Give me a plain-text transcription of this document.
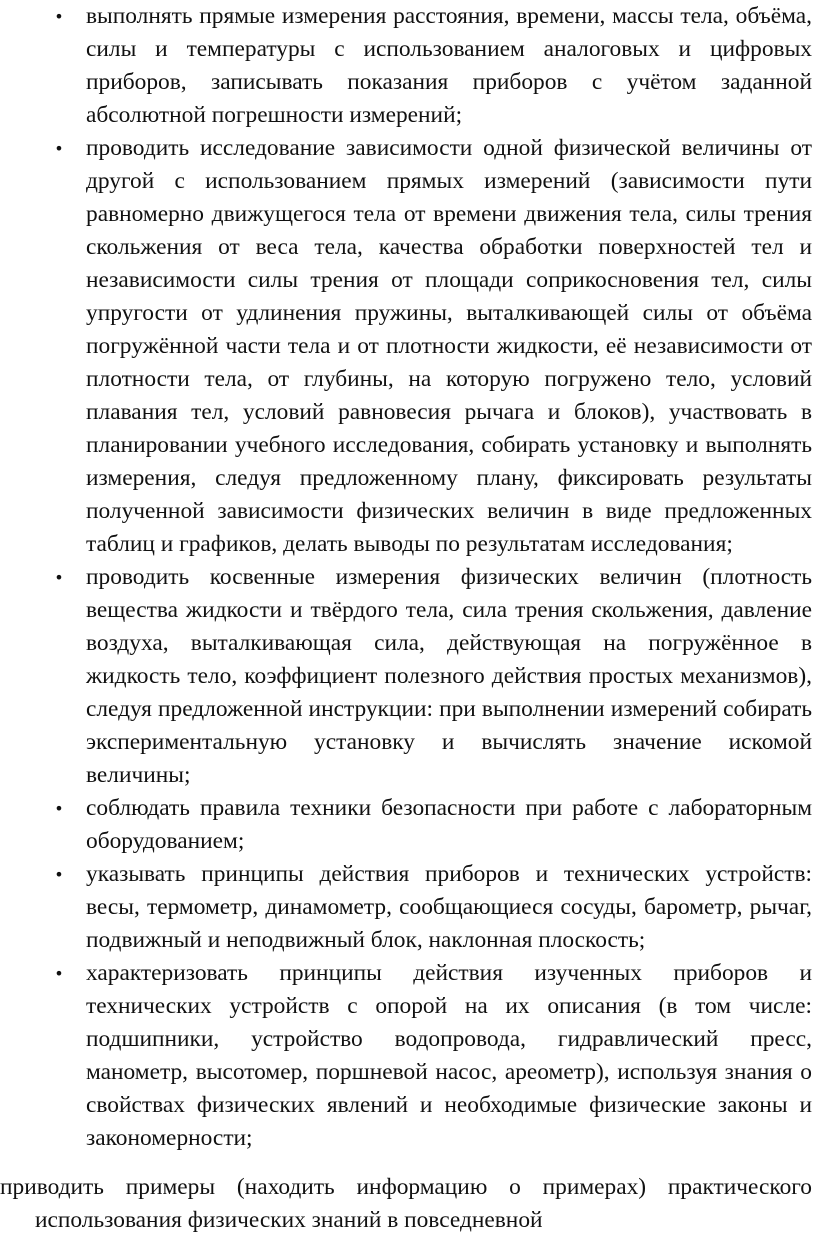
• выполнять прямые измерения расстояния, времени, массы тела, объёма, силы и температуры с использованием аналоговых и цифровых приборов, записывать показания приборов с учётом заданной абсолютной погрешности измерений;
• проводить исследование зависимости одной физической величины от другой с использованием прямых измерений (зависимости пути равномерно движущегося тела от времени движения тела, силы трения скольжения от веса тела, качества обработки поверхностей тел и независимости силы трения от площади соприкосновения тел, силы упругости от удлинения пружины, выталкивающей силы от объёма погружённой части тела и от плотности жидкости, её независимости от плотности тела, от глубины, на которую погружено тело, условий плавания тел, условий равновесия рычага и блоков), участвовать в планировании учебного исследования, собирать установку и выполнять измерения, следуя предложенному плану, фиксировать результаты полученной зависимости физических величин в виде предложенных таблиц и графиков, делать выводы по результатам исследования;
• проводить косвенные измерения физических величин (плотность вещества жидкости и твёрдого тела, сила трения скольжения, давление воздуха, выталкивающая сила, действующая на погружённое в жидкость тело, коэффициент полезного действия простых механизмов), следуя предложенной инструкции: при выполнении измерений собирать экспериментальную установку и вычислять значение искомой величины;
• соблюдать правила техники безопасности при работе с лабораторным оборудованием;
• указывать принципы действия приборов и технических устройств: весы, термометр, динамометр, сообщающиеся сосуды, барометр, рычаг, подвижный и неподвижный блок, наклонная плоскость;
• характеризовать принципы действия изученных приборов и технических устройств с опорой на их описания (в том числе: подшипники, устройство водопровода, гидравлический пресс, манометр, высотомер, поршневой насос, ареометр), используя знания о свойствах физических явлений и необходимые физические законы и закономерности;

приводить примеры (находить информацию о примерах) практического использования физических знаний в повседневной
